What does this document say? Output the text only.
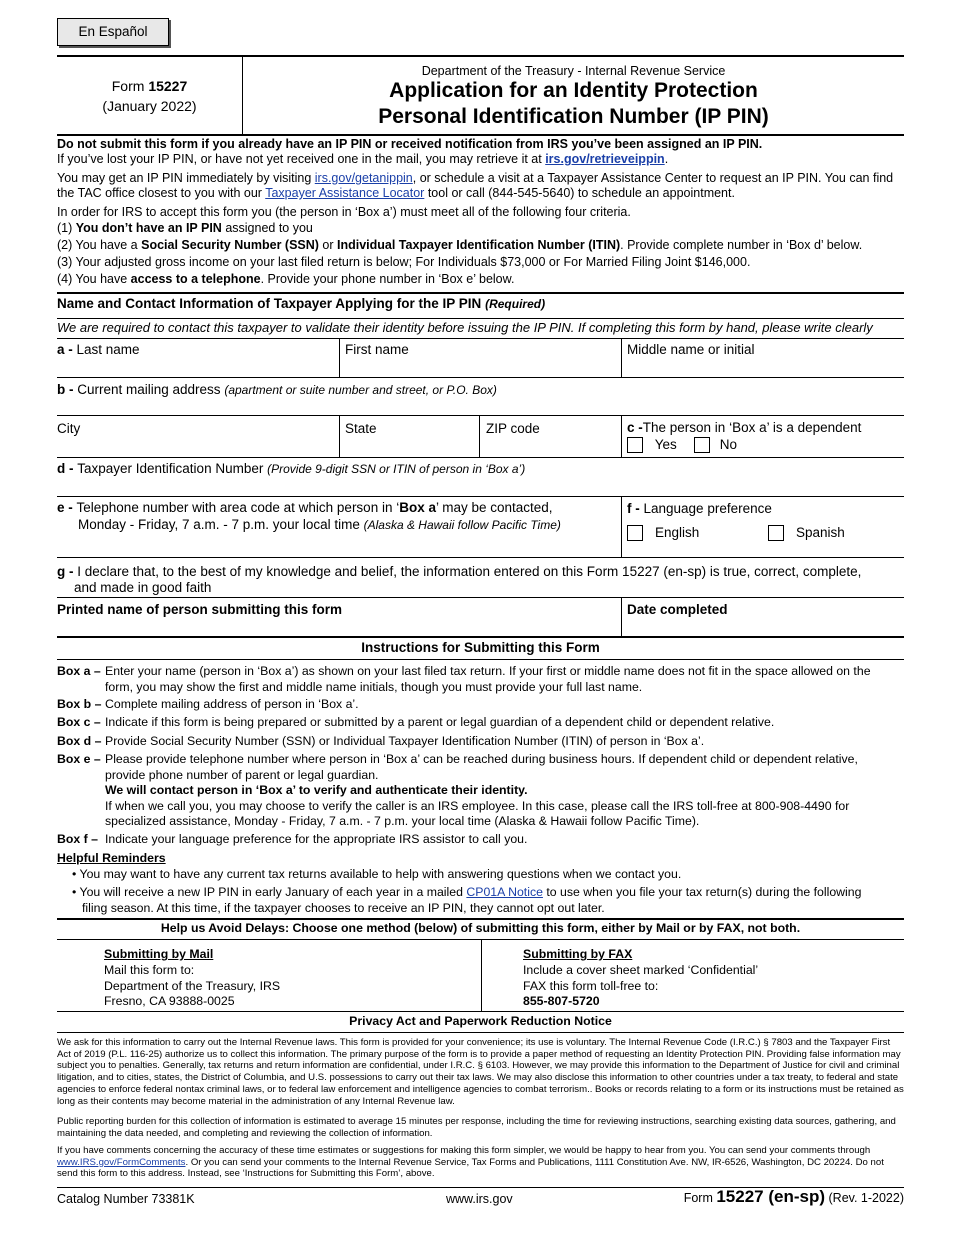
En Español
Form 15227
(January 2022)
Department of the Treasury - Internal Revenue Service
Application for an Identity Protection
Personal Identification Number (IP PIN)
Do not submit this form if you already have an IP PIN or received notification from IRS you’ve been assigned an IP PIN.
If you’ve lost your IP PIN, or have not yet received one in the mail, you may retrieve it at irs.gov/retrieveippin.
You may get an IP PIN immediately by visiting irs.gov/getanippin, or schedule a visit at a Taxpayer Assistance Center to request an IP PIN. You can find
the TAC office closest to you with our Taxpayer Assistance Locator tool or call (844-545-5640) to schedule an appointment.
In order for IRS to accept this form you (the person in ‘Box a’) must meet all of the following four criteria.
(1) You don’t have an IP PIN assigned to you
(2) You have a Social Security Number (SSN) or Individual Taxpayer Identification Number (ITIN). Provide complete number in ‘Box d’ below.
(3) Your adjusted gross income on your last filed return is below; For Individuals $73,000 or For Married Filing Joint $146,000.
(4) You have access to a telephone. Provide your phone number in ‘Box e’ below.
Name and Contact Information of Taxpayer Applying for the IP PIN (Required)
We are required to contact this taxpayer to validate their identity before issuing the IP PIN. If completing this form by hand, please write clearly
a - Last name	First name	Middle name or initial
b - Current mailing address (apartment or suite number and street, or P.O. Box)
City	State	ZIP code	c -The person in ‘Box a’ is a dependent
Yes	No
d - Taxpayer Identification Number (Provide 9-digit SSN or ITIN of person in ‘Box a’)
e - Telephone number with area code at which person in ‘Box a’ may be contacted,
Monday - Friday, 7 a.m. - 7 p.m. your local time (Alaska & Hawaii follow Pacific Time)
f - Language preference
English	Spanish
g - I declare that, to the best of my knowledge and belief, the information entered on this Form 15227 (en-sp) is true, correct, complete,
and made in good faith
Printed name of person submitting this form	Date completed
Instructions for Submitting this Form
Box a – Enter your name (person in ‘Box a’) as shown on your last filed tax return. If your first or middle name does not fit in the space allowed on the
form, you may show the first and middle name initials, though you must provide your full last name.
Box b – Complete mailing address of person in ‘Box a’.
Box c – Indicate if this form is being prepared or submitted by a parent or legal guardian of a dependent child or dependent relative.
Box d – Provide Social Security Number (SSN) or Individual Taxpayer Identification Number (ITIN) of person in ‘Box a’.
Box e – Please provide telephone number where person in ‘Box a’ can be reached during business hours. If dependent child or dependent relative,
provide phone number of parent or legal guardian.
We will contact person in ‘Box a’ to verify and authenticate their identity.
If when we call you, you may choose to verify the caller is an IRS employee. In this case, please call the IRS toll-free at 800-908-4490 for
specialized assistance, Monday - Friday, 7 a.m. - 7 p.m. your local time (Alaska & Hawaii follow Pacific Time).
Box f – Indicate your language preference for the appropriate IRS assistor to call you.
Helpful Reminders
• You may want to have any current tax returns available to help with answering questions when we contact you.
• You will receive a new IP PIN in early January of each year in a mailed CP01A Notice to use when you file your tax return(s) during the following
filing season. At this time, if the taxpayer chooses to receive an IP PIN, they cannot opt out later.
Help us Avoid Delays: Choose one method (below) of submitting this form, either by Mail or by FAX, not both.
Submitting by Mail
Mail this form to:
Department of the Treasury, IRS
Fresno, CA 93888-0025
Submitting by FAX
Include a cover sheet marked ‘Confidential’
FAX this form toll-free to:
855-807-5720
Privacy Act and Paperwork Reduction Notice
We ask for this information to carry out the Internal Revenue laws. This form is provided for your convenience; its use is voluntary. The Internal Revenue Code (I.R.C.) § 7803 and the Taxpayer First Act of 2019 (P.L. 116-25) authorize us to collect this information. The primary purpose of the form is to provide a paper method of requesting an Identity Protection PIN. Providing false information may subject you to penalties. Generally, tax returns and return information are confidential, under I.R.C. § 6103. However, we may provide this information to the Department of Justice for civil and criminal litigation, and to cities, states, the District of Columbia, and U.S. possessions to carry out their tax laws. We may also disclose this information to other countries under a tax treaty, to federal and state agencies to enforce federal nontax criminal laws, or to federal law enforcement and intelligence agencies to combat terrorism.. Books or records relating to a form or its instructions must be retained as long as their contents may become material in the administration of any Internal Revenue law.
Public reporting burden for this collection of information is estimated to average 15 minutes per response, including the time for reviewing instructions, searching existing data sources, gathering, and maintaining the data needed, and completing and reviewing the collection of information.
If you have comments concerning the accuracy of these time estimates or suggestions for making this form simpler, we would be happy to hear from you. You can send your comments through www.IRS.gov/FormComments. Or you can send your comments to the Internal Revenue Service, Tax Forms and Publications, 1111 Constitution Ave. NW, IR-6526, Washington, DC 20224. Do not send this form to this address. Instead, see ‘Instructions for Submitting this Form’, above.
Catalog Number 73381K	www.irs.gov	Form 15227 (en-sp) (Rev. 1-2022)
